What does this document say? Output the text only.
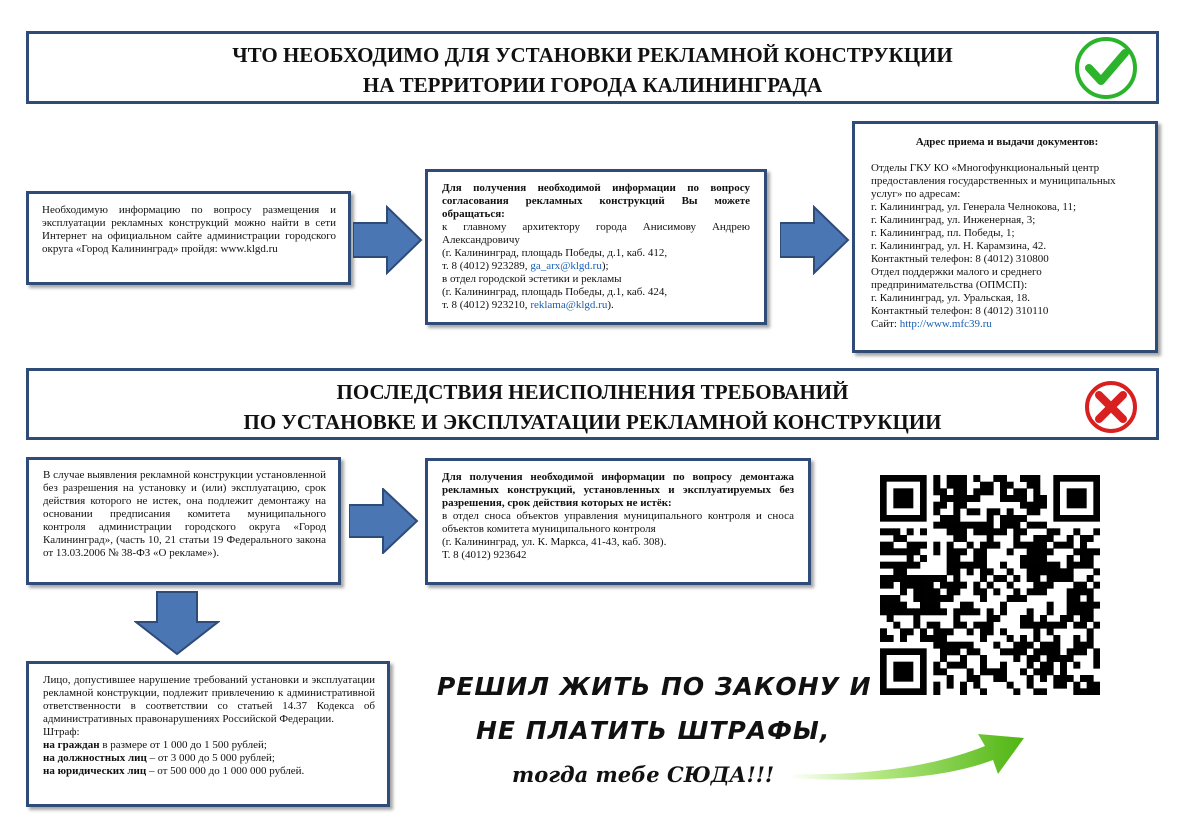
ЧТО НЕОБХОДИМО ДЛЯ УСТАНОВКИ РЕКЛАМНОЙ КОНСТРУКЦИИ
НА ТЕРРИТОРИИ ГОРОДА КАЛИНИНГРАДА

Необходимую информацию по вопросу размещения и эксплуатации рекламных конструкций можно найти в сети Интернет на официальном сайте администрации городского округа «Город Калининград» пройдя: www.klgd.ru

Для получения необходимой информации по вопросу согласования рекламных конструкций Вы можете обращаться:

к главному архитектору города Анисимову Андрею Александровичу

(г. Калининград, площадь Победы, д.1, каб. 412,

т. 8 (4012) 923289, ga_arx@klgd.ru);

в отдел городской эстетики и рекламы

(г. Калининград, площадь Победы, д.1, каб. 424,

т. 8 (4012) 923210, reklama@klgd.ru).

Адрес приема и выдачи документов:

Отделы ГКУ КО «Многофункциональный центр предоставления государственных и муниципальных услуг» по адресам:

г. Калининград, ул. Генерала Челнокова, 11;

г. Калининград, ул. Инженерная, 3;

г. Калининград, пл. Победы, 1;

г. Калининград, ул. Н. Карамзина, 42.

Контактный телефон: 8 (4012) 310800

Отдел поддержки малого и среднего предпринимательства (ОПМСП):

г. Калининград, ул. Уральская, 18.

Контактный телефон: 8 (4012) 310110

Сайт: http://www.mfc39.ru

ПОСЛЕДСТВИЯ НЕИСПОЛНЕНИЯ ТРЕБОВАНИЙ
ПО УСТАНОВКЕ И ЭКСПЛУАТАЦИИ РЕКЛАМНОЙ КОНСТРУКЦИИ

В случае выявления рекламной конструкции установленной без разрешения на установку и (или) эксплуатацию, срок действия которого не истек, она подлежит демонтажу на основании предписания комитета муниципального контроля администрации городского округа «Город Калининград», (часть 10, 21 статьи 19 Федерального закона от 13.03.2006 № 38-ФЗ «О рекламе»).

Для получения необходимой информации по вопросу демонтажа рекламных конструкций, установленных и эксплуатируемых без разрешения, срок действия которых не истёк:

в отдел сноса объектов управления муниципального контроля и сноса объектов комитета муниципального контроля

(г. Калининград, ул. К. Маркса, 41-43, каб. 308).

Т. 8 (4012) 923642

Лицо, допустившее нарушение требований установки и эксплуатации рекламной конструкции, подлежит привлечению к административной ответственности в соответствии со статьей 14.37 Кодекса об административных правонарушениях Российской Федерации.

Штраф:

на граждан в размере от 1 000 до 1 500 рублей;

на должностных лиц – от 3 000 до 5 000 рублей;

на юридических лиц – от 500 000 до 1 000 000 рублей.

РЕШИЛ ЖИТЬ ПО ЗАКОНУ И
НЕ ПЛАТИТЬ ШТРАФЫ,
тогда тебе СЮДА!!!
